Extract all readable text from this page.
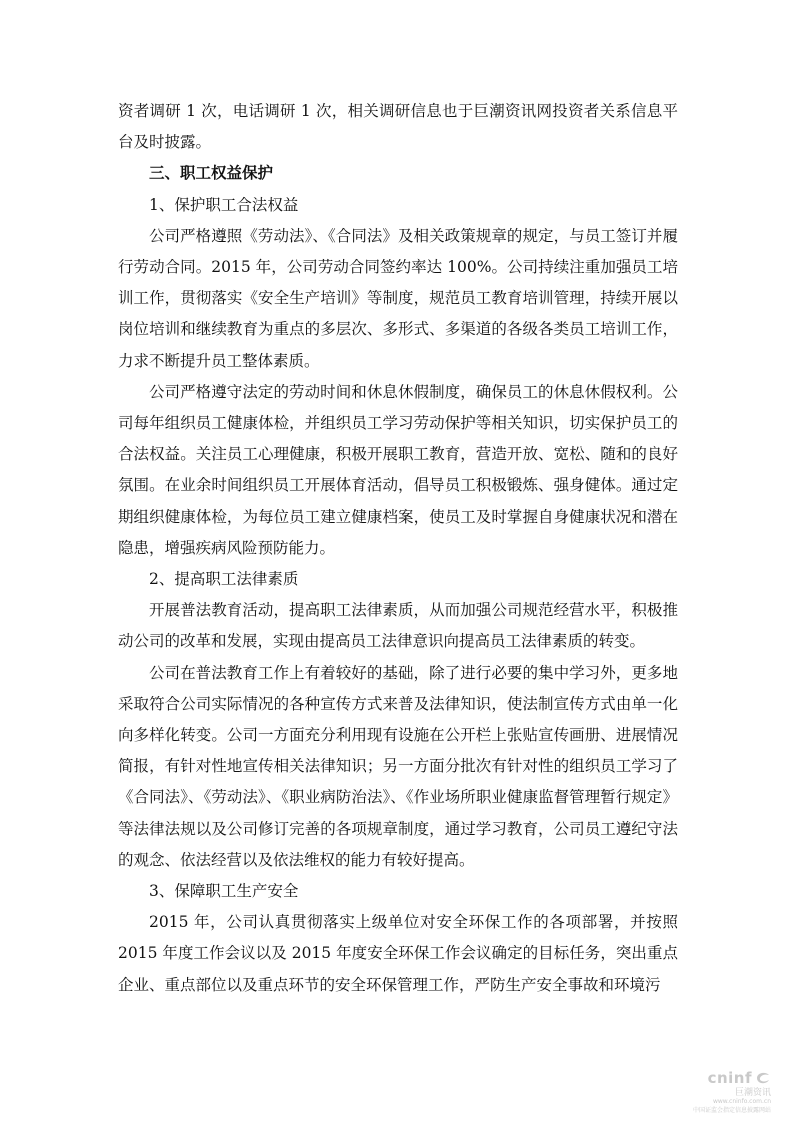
资者调研 1 次，电话调研 1 次，相关调研信息也于巨潮资讯网投资者关系信息平台及时披露。

三、职工权益保护

1、保护职工合法权益

公司严格遵照《劳动法》、《合同法》及相关政策规章的规定，与员工签订并履行劳动合同。2015 年，公司劳动合同签约率达 100%。公司持续注重加强员工培训工作，贯彻落实《安全生产培训》等制度，规范员工教育培训管理，持续开展以岗位培训和继续教育为重点的多层次、多形式、多渠道的各级各类员工培训工作，力求不断提升员工整体素质。

公司严格遵守法定的劳动时间和休息休假制度，确保员工的休息休假权利。公司每年组织员工健康体检，并组织员工学习劳动保护等相关知识，切实保护员工的合法权益。关注员工心理健康，积极开展职工教育，营造开放、宽松、随和的良好氛围。在业余时间组织员工开展体育活动，倡导员工积极锻炼、强身健体。通过定期组织健康体检，为每位员工建立健康档案，使员工及时掌握自身健康状况和潜在隐患，增强疾病风险预防能力。

2、提高职工法律素质

开展普法教育活动，提高职工法律素质，从而加强公司规范经营水平，积极推动公司的改革和发展，实现由提高员工法律意识向提高员工法律素质的转变。

公司在普法教育工作上有着较好的基础，除了进行必要的集中学习外，更多地采取符合公司实际情况的各种宣传方式来普及法律知识，使法制宣传方式由单一化向多样化转变。公司一方面充分利用现有设施在公开栏上张贴宣传画册、进展情况简报，有针对性地宣传相关法律知识；另一方面分批次有针对性的组织员工学习了《合同法》、《劳动法》、《职业病防治法》、《作业场所职业健康监督管理暂行规定》等法律法规以及公司修订完善的各项规章制度，通过学习教育，公司员工遵纪守法的观念、依法经营以及依法维权的能力有较好提高。

3、保障职工生产安全

2015 年，公司认真贯彻落实上级单位对安全环保工作的各项部署，并按照 2015 年度工作会议以及 2015 年度安全环保工作会议确定的目标任务，突出重点企业、重点部位以及重点环节的安全环保管理工作，严防生产安全事故和环境污

cninf
巨潮资讯
www.cninfo.com.cn
中国证监会指定信息披露网站
